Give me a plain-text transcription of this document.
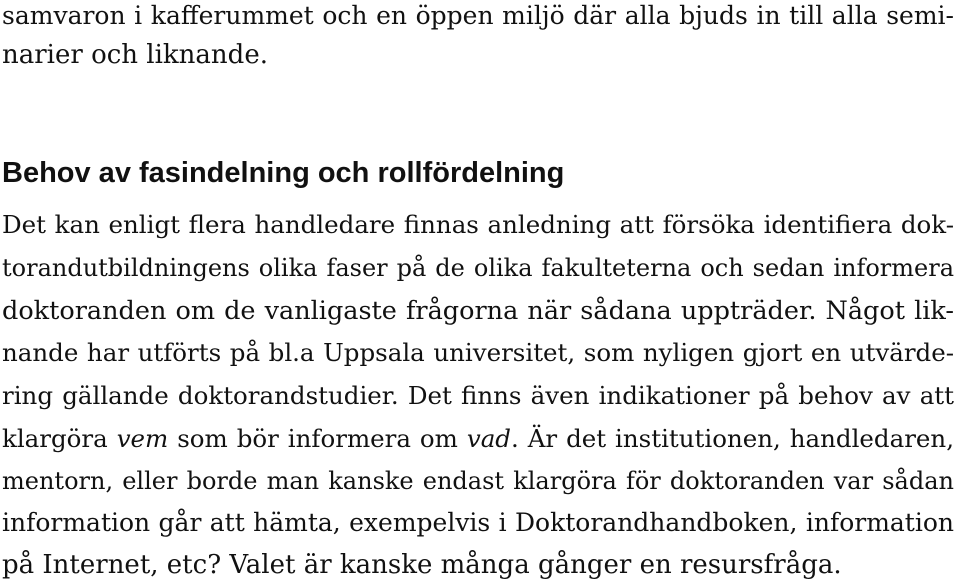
samvaron i kafferummet och en öppen miljö där alla bjuds in till alla semi-
narier och liknande.
Behov av fasindelning och rollfördelning
Det kan enligt flera handledare finnas anledning att försöka identifiera dok-
torandutbildningens olika faser på de olika fakulteterna och sedan informera
doktoranden om de vanligaste frågorna när sådana uppträder. Något lik-
nande har utförts på bl.a Uppsala universitet, som nyligen gjort en utvärde-
ring gällande doktorandstudier. Det finns även indikationer på behov av att
klargöra vem som bör informera om vad. Är det institutionen, handledaren,
mentorn, eller borde man kanske endast klargöra för doktoranden var sådan
information går att hämta, exempelvis i Doktorandhandboken, information
på Internet, etc? Valet är kanske många gånger en resursfråga.
